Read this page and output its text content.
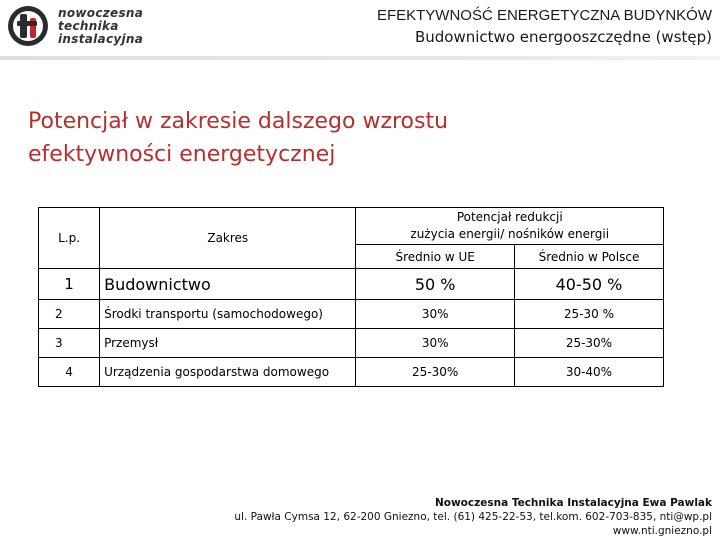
nowoczesna
technika
instalacyjna
EFEKTYWNOŚĆ ENERGETYCZNA BUDYNKÓW
Budownictwo energooszczędne (wstęp)
Potencjał w zakresie dalszego wzrostu
efektywności energetycznej
L.p.	Zakres	Potencjał redukcji
zużycia energii/ nośników energii	

		Średnio w UE	Średnio w Polsce
1	Budownictwo	50 %	40-50 %
2	Środki transportu (samochodowego)	30%	25-30 %
3	Przemysł	30%	25-30%
4	Urządzenia gospodarstwa domowego	25-30%	30-40%
Nowoczesna Technika Instalacyjna Ewa Pawlak
ul. Pawła Cymsa 12, 62-200 Gniezno, tel. (61) 425-22-53, tel.kom. 602-703-835, nti@wp.pl
www.nti.gniezno.pl
